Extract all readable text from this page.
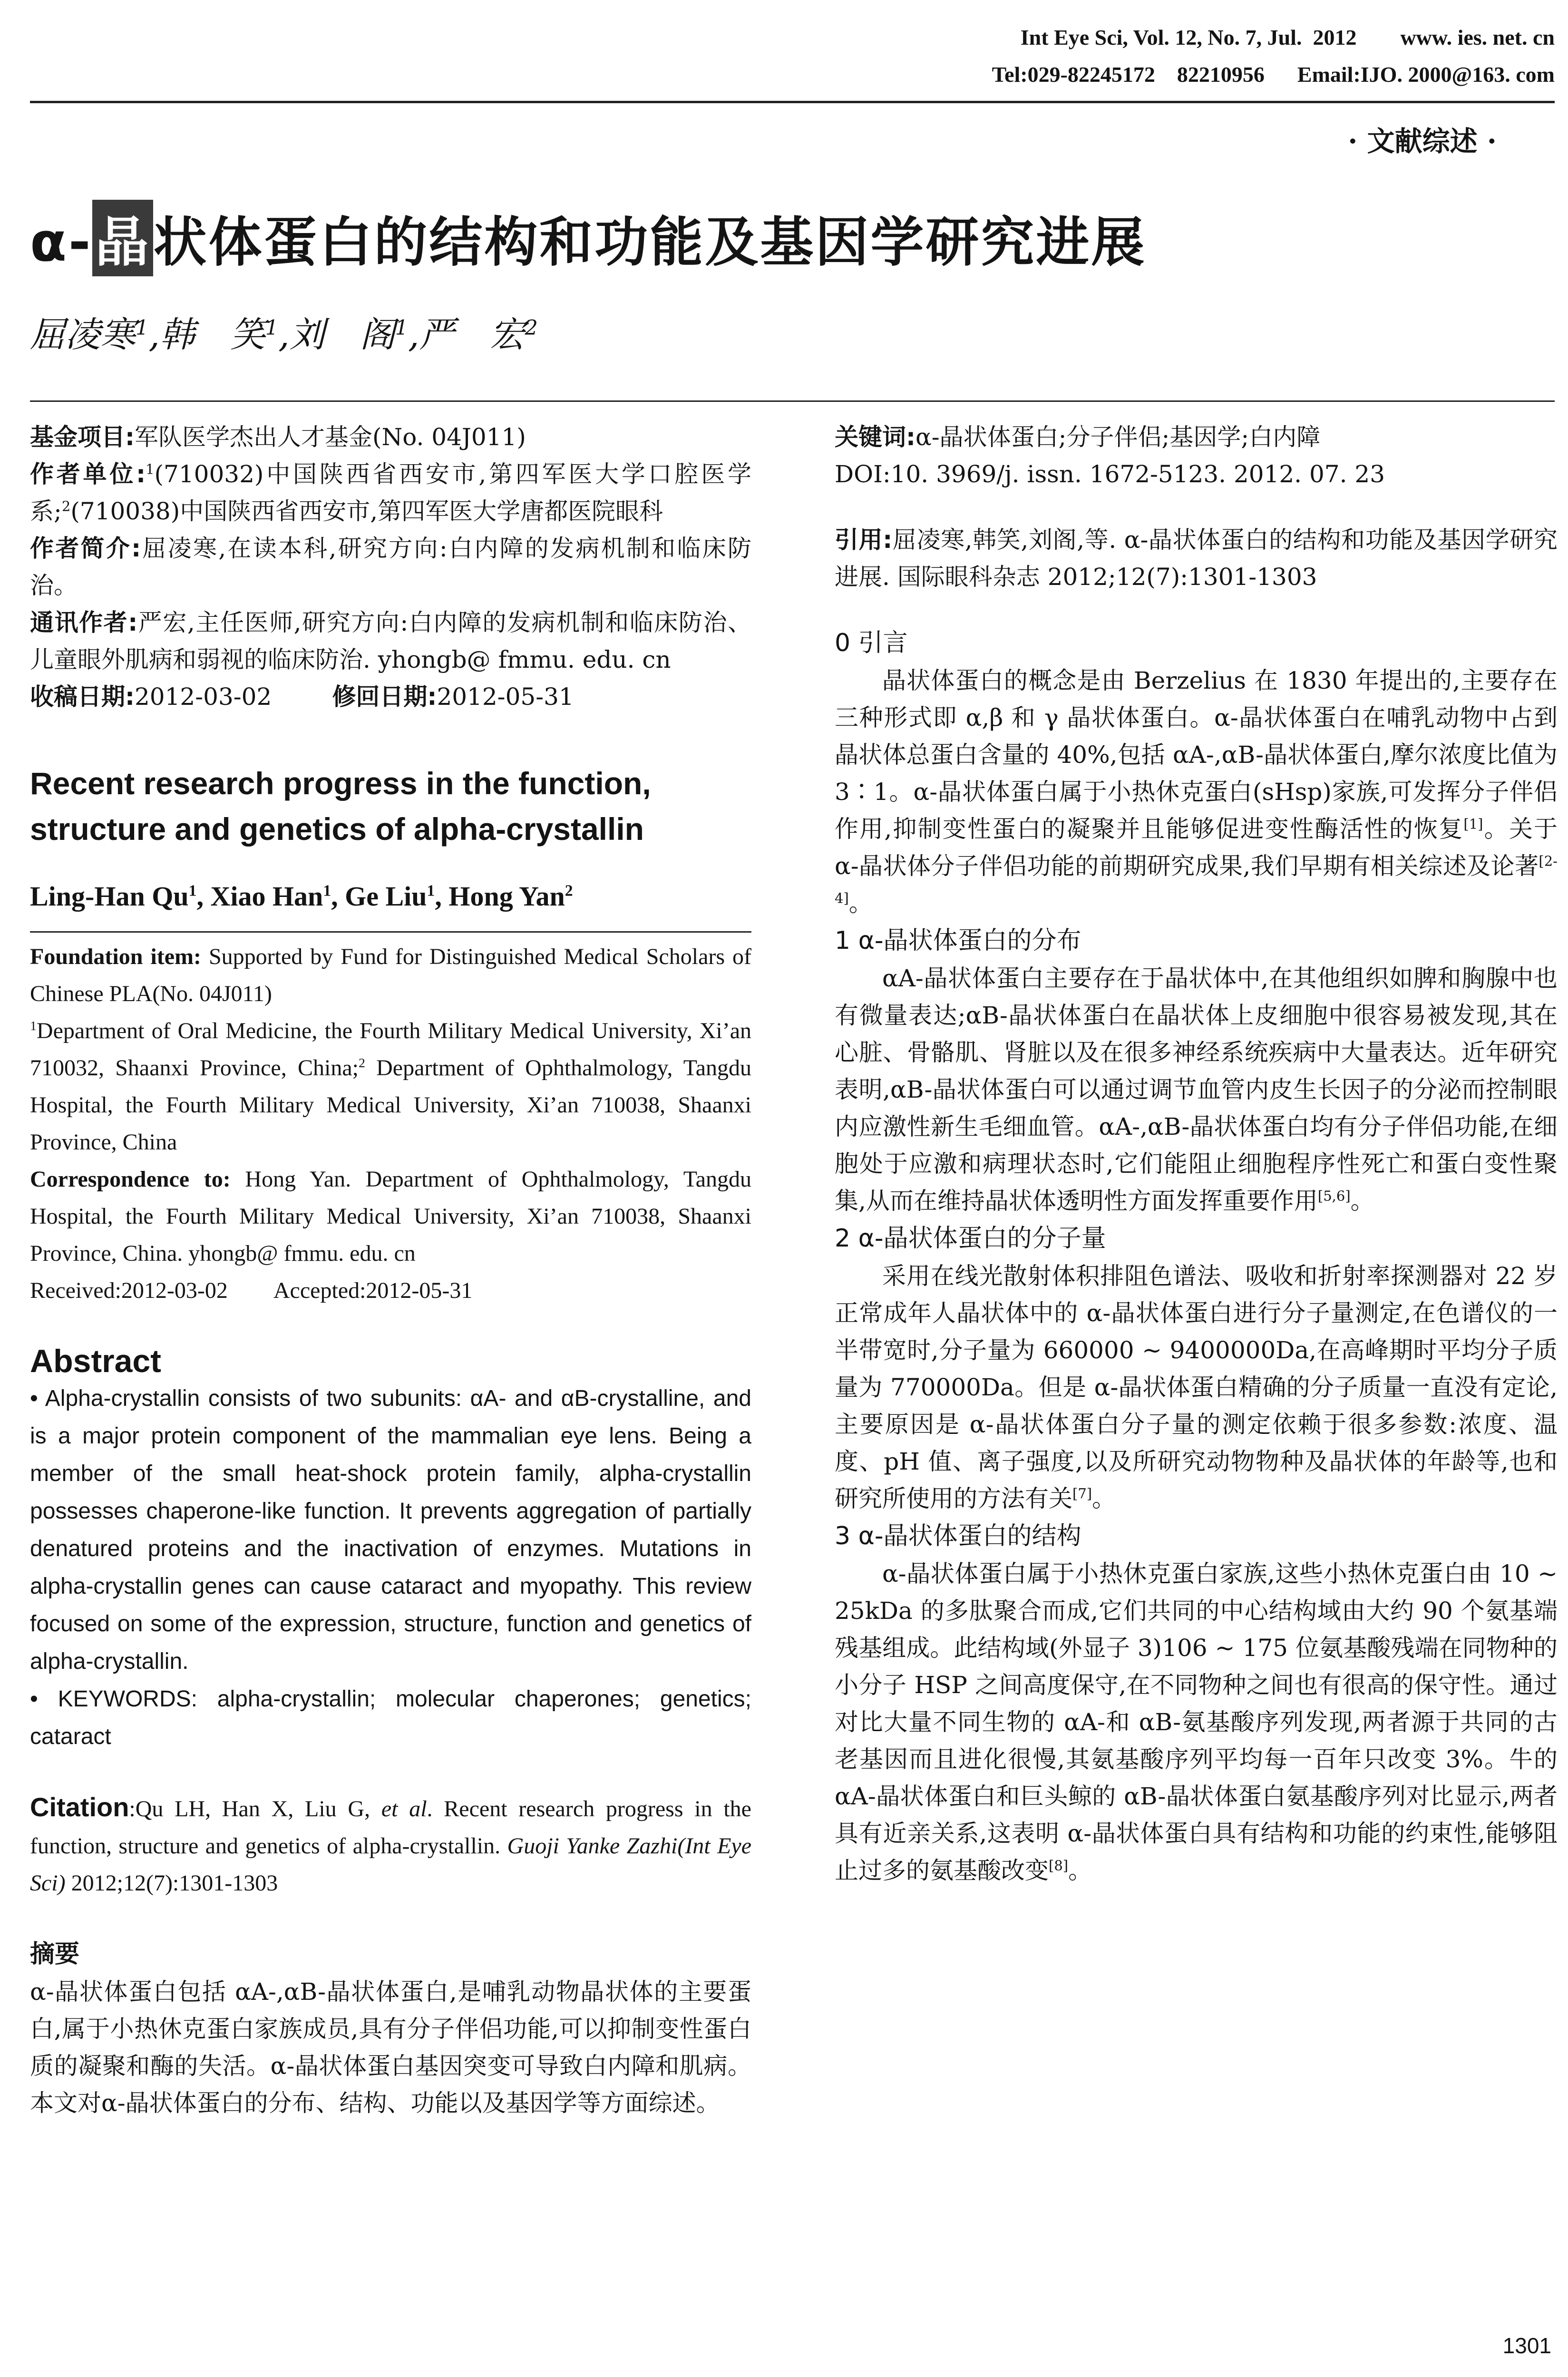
Int Eye Sci, Vol. 12, No. 7, Jul.  2012        www. ies. net. cn
Tel:029-82245172    82210956      Email:IJO. 2000@163. com
· 文献综述 ·
α-晶状体蛋白的结构和功能及基因学研究进展
屈凌寒$^1$,韩　笑$^1$,刘　阁$^1$,严　宏$^2$

基金项目:军队医学杰出人才基金(No. 04J011)

作者单位:$^1$(710032)中国陕西省西安市,第四军医大学口腔医学系;$^2$(710038)中国陕西省西安市,第四军医大学唐都医院眼科

作者简介:屈凌寒,在读本科,研究方向:白内障的发病机制和临床防治。

通讯作者:严宏,主任医师,研究方向:白内障的发病机制和临床防治、儿童眼外肌病和弱视的临床防治. yhongb@ fmmu. edu. cn

收稿日期:2012-03-02	修回日期:2012-05-31

Recent research progress in the function, structure and genetics of alpha-crystallin

Ling-Han Qu$^1$, Xiao Han$^1$, Ge Liu$^1$, Hong Yan$^2$

Foundation item: Supported by Fund for Distinguished Medical Scholars of Chinese PLA(No. 04J011)

$^1$Department of Oral Medicine, the Fourth Military Medical University, Xi’an 710032, Shaanxi Province, China;$^2$ Department of Ophthalmology, Tangdu Hospital, the Fourth Military Medical University, Xi’an 710038, Shaanxi Province, China

Correspondence to: Hong Yan. Department of Ophthalmology, Tangdu Hospital, the Fourth Military Medical University, Xi’an 710038, Shaanxi Province, China. yhongb@ fmmu. edu. cn

Received:2012-03-02 Accepted:2012-05-31

Abstract

• Alpha-crystallin consists of two subunits: αA- and αB-crystalline, and is a major protein component of the mammalian eye lens. Being a member of the small heat-shock protein family, alpha-crystallin possesses chaperone-like function. It prevents aggregation of partially denatured proteins and the inactivation of enzymes. Mutations in alpha-crystallin genes can cause cataract and myopathy. This review focused on some of the expression, structure, function and genetics of alpha-crystallin.

• KEYWORDS: alpha-crystallin; molecular chaperones; genetics; cataract

Citation:Qu LH, Han X, Liu G, et al. Recent research progress in the function, structure and genetics of alpha-crystallin. Guoji Yanke Zazhi(Int Eye Sci) 2012;12(7):1301-1303

摘要

α-晶状体蛋白包括 αA-,αB-晶状体蛋白,是哺乳动物晶状体的主要蛋白,属于小热休克蛋白家族成员,具有分子伴侣功能,可以抑制变性蛋白质的凝聚和酶的失活。α-晶状体蛋白基因突变可导致白内障和肌病。本文对α-晶状体蛋白的分布、结构、功能以及基因学等方面综述。

关键词:α-晶状体蛋白;分子伴侣;基因学;白内障

DOI:10. 3969/j. issn. 1672-5123. 2012. 07. 23

引用:屈凌寒,韩笑,刘阁,等. α-晶状体蛋白的结构和功能及基因学研究进展. 国际眼科杂志 2012;12(7):1301-1303

0 引言

晶状体蛋白的概念是由 Berzelius 在 1830 年提出的,主要存在三种形式即 α,β 和 γ 晶状体蛋白。α-晶状体蛋白在哺乳动物中占到晶状体总蛋白含量的 40%,包括 αA-,αB-晶状体蛋白,摩尔浓度比值为 3∶1。α-晶状体蛋白属于小热休克蛋白(sHsp)家族,可发挥分子伴侣作用,抑制变性蛋白的凝聚并且能够促进变性酶活性的恢复[1]。关于 α-晶状体分子伴侣功能的前期研究成果,我们早期有相关综述及论著[2-4]。

1 α-晶状体蛋白的分布

αA-晶状体蛋白主要存在于晶状体中,在其他组织如脾和胸腺中也有微量表达;αB-晶状体蛋白在晶状体上皮细胞中很容易被发现,其在心脏、骨骼肌、肾脏以及在很多神经系统疾病中大量表达。近年研究表明,αB-晶状体蛋白可以通过调节血管内皮生长因子的分泌而控制眼内应激性新生毛细血管。αA-,αB-晶状体蛋白均有分子伴侣功能,在细胞处于应激和病理状态时,它们能阻止细胞程序性死亡和蛋白变性聚集,从而在维持晶状体透明性方面发挥重要作用[5,6]。

2 α-晶状体蛋白的分子量

采用在线光散射体积排阻色谱法、吸收和折射率探测器对 22 岁正常成年人晶状体中的 α-晶状体蛋白进行分子量测定,在色谱仪的一半带宽时,分子量为 660000 ~ 9400000Da,在高峰期时平均分子质量为 770000Da。但是 α-晶状体蛋白精确的分子质量一直没有定论,主要原因是 α-晶状体蛋白分子量的测定依赖于很多参数:浓度、温度、pH 值、离子强度,以及所研究动物物种及晶状体的年龄等,也和研究所使用的方法有关[7]。

3 α-晶状体蛋白的结构

α-晶状体蛋白属于小热休克蛋白家族,这些小热休克蛋白由 10 ~ 25kDa 的多肽聚合而成,它们共同的中心结构域由大约 90 个氨基端残基组成。此结构域(外显子 3)106 ~ 175 位氨基酸残端在同物种的小分子 HSP 之间高度保守,在不同物种之间也有很高的保守性。通过对比大量不同生物的 αA-和 αB-氨基酸序列发现,两者源于共同的古老基因而且进化很慢,其氨基酸序列平均每一百年只改变 3%。牛的 αA-晶状体蛋白和巨头鲸的 αB-晶状体蛋白氨基酸序列对比显示,两者具有近亲关系,这表明 α-晶状体蛋白具有结构和功能的约束性,能够阻止过多的氨基酸改变[8]。

1301
